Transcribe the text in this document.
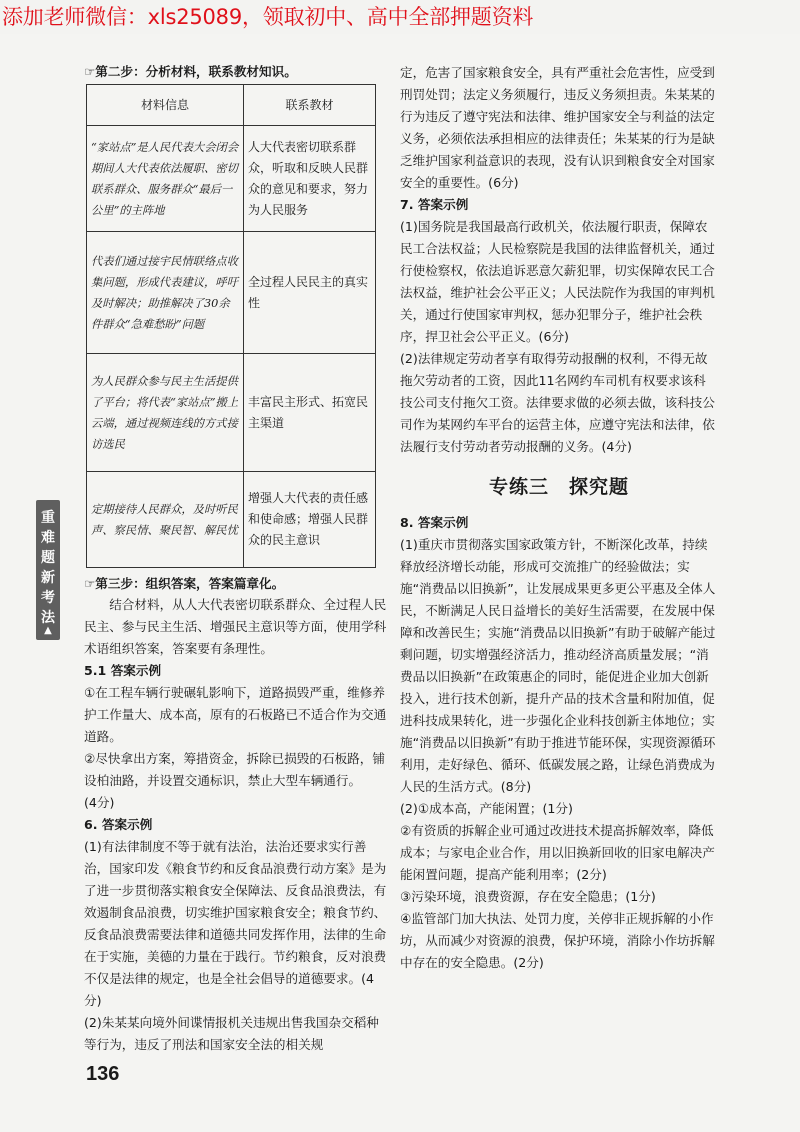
添加老师微信：xls25089，领取初中、高中全部押题资料
重
难
题
新
考
法
▲

☞第二步：分析材料，联系教材知识。

材料信息	联系教材
“家站点”是人民代表大会闭会期间人大代表依法履职、密切联系群众、服务群众“最后一公里”的主阵地	人大代表密切联系群众，听取和反映人民群众的意见和要求，努力为人民服务
代表们通过接宇民情联络点收集问题，形成代表建议，呼吁及时解决；助推解决了30余件群众“急难愁盼”问题	全过程人民民主的真实性
为人民群众参与民主生活提供了平台；将代表“家站点”搬上云端，通过视频连线的方式接访选民	丰富民主形式、拓宽民主渠道
定期接待人民群众，及时听民声、察民情、聚民智、解民忧	增强人大代表的责任感和使命感；增强人民群众的民主意识

☞第三步：组织答案，答案篇章化。

结合材料，从人大代表密切联系群众、全过程人民民主、参与民主生活、增强民主意识等方面，使用学科术语组织答案，答案要有条理性。

5.1 答案示例

①在工程车辆行驶碾轧影响下，道路损毁严重，维修养护工作量大、成本高，原有的石板路已不适合作为交通道路。

②尽快拿出方案，筹措资金，拆除已损毁的石板路，铺设柏油路，并设置交通标识，禁止大型车辆通行。

(4分)

6. 答案示例

(1)有法律制度不等于就有法治，法治还要求实行善治，国家印发《粮食节约和反食品浪费行动方案》是为了进一步贯彻落实粮食安全保障法、反食品浪费法，有效遏制食品浪费，切实维护国家粮食安全；粮食节约、反食品浪费需要法律和道德共同发挥作用，法律的生命在于实施，美德的力量在于践行。节约粮食，反对浪费不仅是法律的规定，也是全社会倡导的道德要求。(4分)

(2)朱某某向境外间谍情报机关违规出售我国杂交稻种等行为，违反了刑法和国家安全法的相关规

定，危害了国家粮食安全，具有严重社会危害性，应受到刑罚处罚；法定义务须履行，违反义务须担责。朱某某的行为违反了遵守宪法和法律、维护国家安全与利益的法定义务，必须依法承担相应的法律责任；朱某某的行为是缺乏维护国家利益意识的表现，没有认识到粮食安全对国家安全的重要性。(6分)

7. 答案示例

(1)国务院是我国最高行政机关，依法履行职责，保障农民工合法权益；人民检察院是我国的法律监督机关，通过行使检察权，依法追诉恶意欠薪犯罪，切实保障农民工合法权益，维护社会公平正义；人民法院作为我国的审判机关，通过行使国家审判权，惩办犯罪分子，维护社会秩序，捍卫社会公平正义。(6分)

(2)法律规定劳动者享有取得劳动报酬的权利，不得无故拖欠劳动者的工资，因此11名网约车司机有权要求该科技公司支付拖欠工资。法律要求做的必须去做，该科技公司作为某网约车平台的运营主体，应遵守宪法和法律，依法履行支付劳动者劳动报酬的义务。(4分)

专练三　探究题

8. 答案示例

(1)重庆市贯彻落实国家政策方针，不断深化改革，持续释放经济增长动能，形成可交流推广的经验做法；实施“消费品以旧换新”，让发展成果更多更公平惠及全体人民，不断满足人民日益增长的美好生活需要，在发展中保障和改善民生；实施“消费品以旧换新”有助于破解产能过剩问题，切实增强经济活力，推动经济高质量发展；“消费品以旧换新”在政策惠企的同时，能促进企业加大创新投入，进行技术创新，提升产品的技术含量和附加值，促进科技成果转化，进一步强化企业科技创新主体地位；实施“消费品以旧换新”有助于推进节能环保，实现资源循环利用，走好绿色、循环、低碳发展之路，让绿色消费成为人民的生活方式。(8分)

(2)①成本高，产能闲置；(1分)

②有资质的拆解企业可通过改进技术提高拆解效率，降低成本；与家电企业合作，用以旧换新回收的旧家电解决产能闲置问题，提高产能利用率；(2分)

③污染环境，浪费资源，存在安全隐患；(1分)

④监管部门加大执法、处罚力度，关停非正规拆解的小作坊，从而减少对资源的浪费，保护环境，消除小作坊拆解中存在的安全隐患。(2分)

136
